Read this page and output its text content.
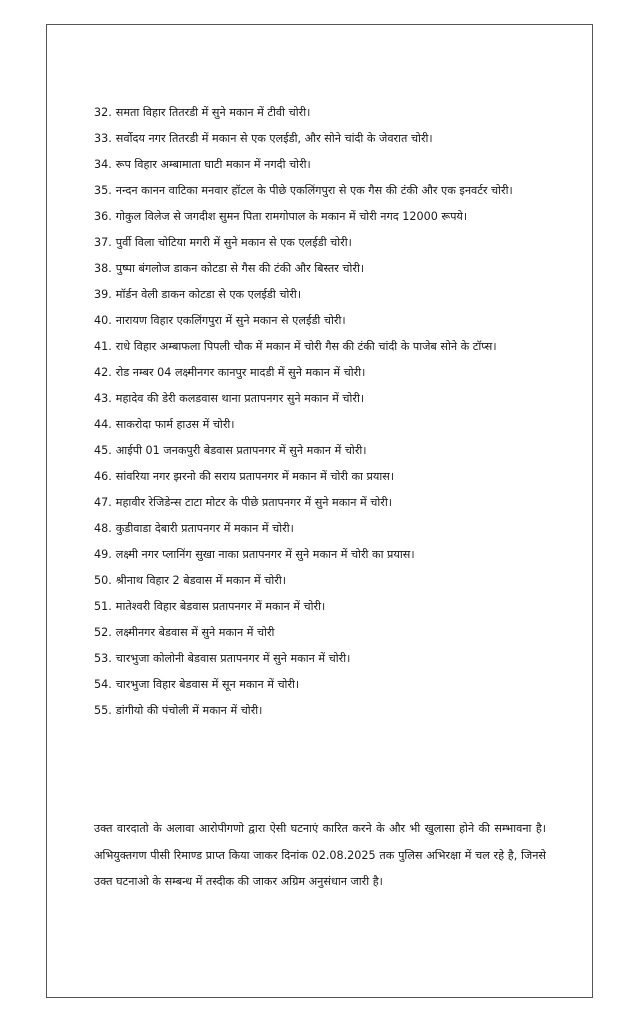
32. समता विहार तितरडी में सुने मकान में टीवी चोरी।
33. सर्वोदय नगर तितरडी में मकान से एक एलईडी, और सोने चांदी के जेवरात चोरी।
34. रूप विहार अम्बामाता घाटी मकान में नगदी चोरी।
35. नन्दन कानन वाटिका मनवार हॉटल के पीछे एकलिंगपुरा से एक गैस की टंकी और एक इनवर्टर चोरी।
36. गोकुल विलेज से जगदीश सुमन पिता रामगोपाल के मकान में चोरी नगद 12000 रूपये।
37. पुर्वी विला चोटिया मगरी में सुने मकान से एक एलईडी चोरी।
38. पुष्पा बंगलोज डाकन कोटडा से गैस की टंकी और बिस्तर चोरी।
39. मॉर्डन वेली डाकन कोटडा से एक एलईडी चोरी।
40. नारायण विहार एकलिंगपुरा में सुने मकान से एलईडी चोरी।
41. राधे विहार अम्बाफला पिपली चौक में मकान में चोरी गैस की टंकी चांदी के पाजेब सोने के टॉप्स।
42. रोड नम्बर 04 लक्ष्मीनगर कानपुर मादडी में सुने मकान में चोरी।
43. महादेव की डेरी कलडवास थाना प्रतापनगर सुने मकान में चोरी।
44. साकरोदा फार्म हाउस में चोरी।
45. आईपी 01 जनकपुरी बेडवास प्रतापनगर में सुने मकान में चोरी।
46. सांवरिया नगर झरनो की सराय प्रतापनगर में मकान में चोरी का प्रयास।
47. महावीर रेजिडेन्स टाटा मोटर के पीछे प्रतापनगर में सुने मकान में चोरी।
48. कुडीवाडा देबारी प्रतापनगर में मकान में चोरी।
49. लक्ष्मी नगर प्लानिंग सुखा नाका प्रतापनगर में सुने मकान में चोरी का प्रयास।
50. श्रीनाथ विहार 2 बेडवास में मकान में चोरी।
51. मातेश्वरी विहार बेडवास प्रतापनगर में मकान में चोरी।
52. लक्ष्मीनगर बेडवास में सुने मकान में चोरी
53. चारभुजा कोलोनी बेडवास प्रतापनगर में सुने मकान में चोरी।
54. चारभुजा विहार बेडवास में सून मकान में चोरी।
55. डांगीयो की पंचोली में मकान में चोरी।

उक्त वारदातो के अलावा आरोपीगणो द्वारा ऐसी घटनाएं कारित करने के और भी खुलासा होने की सम्भावना है। अभियुक्तगण पीसी रिमाण्ड प्राप्त किया जाकर दिनांक 02.08.2025 तक पुलिस अभिरक्षा में चल रहे है, जिनसे उक्त घटनाओ के सम्बन्ध में तस्दीक की जाकर अग्रिम अनुसंधान जारी है।
